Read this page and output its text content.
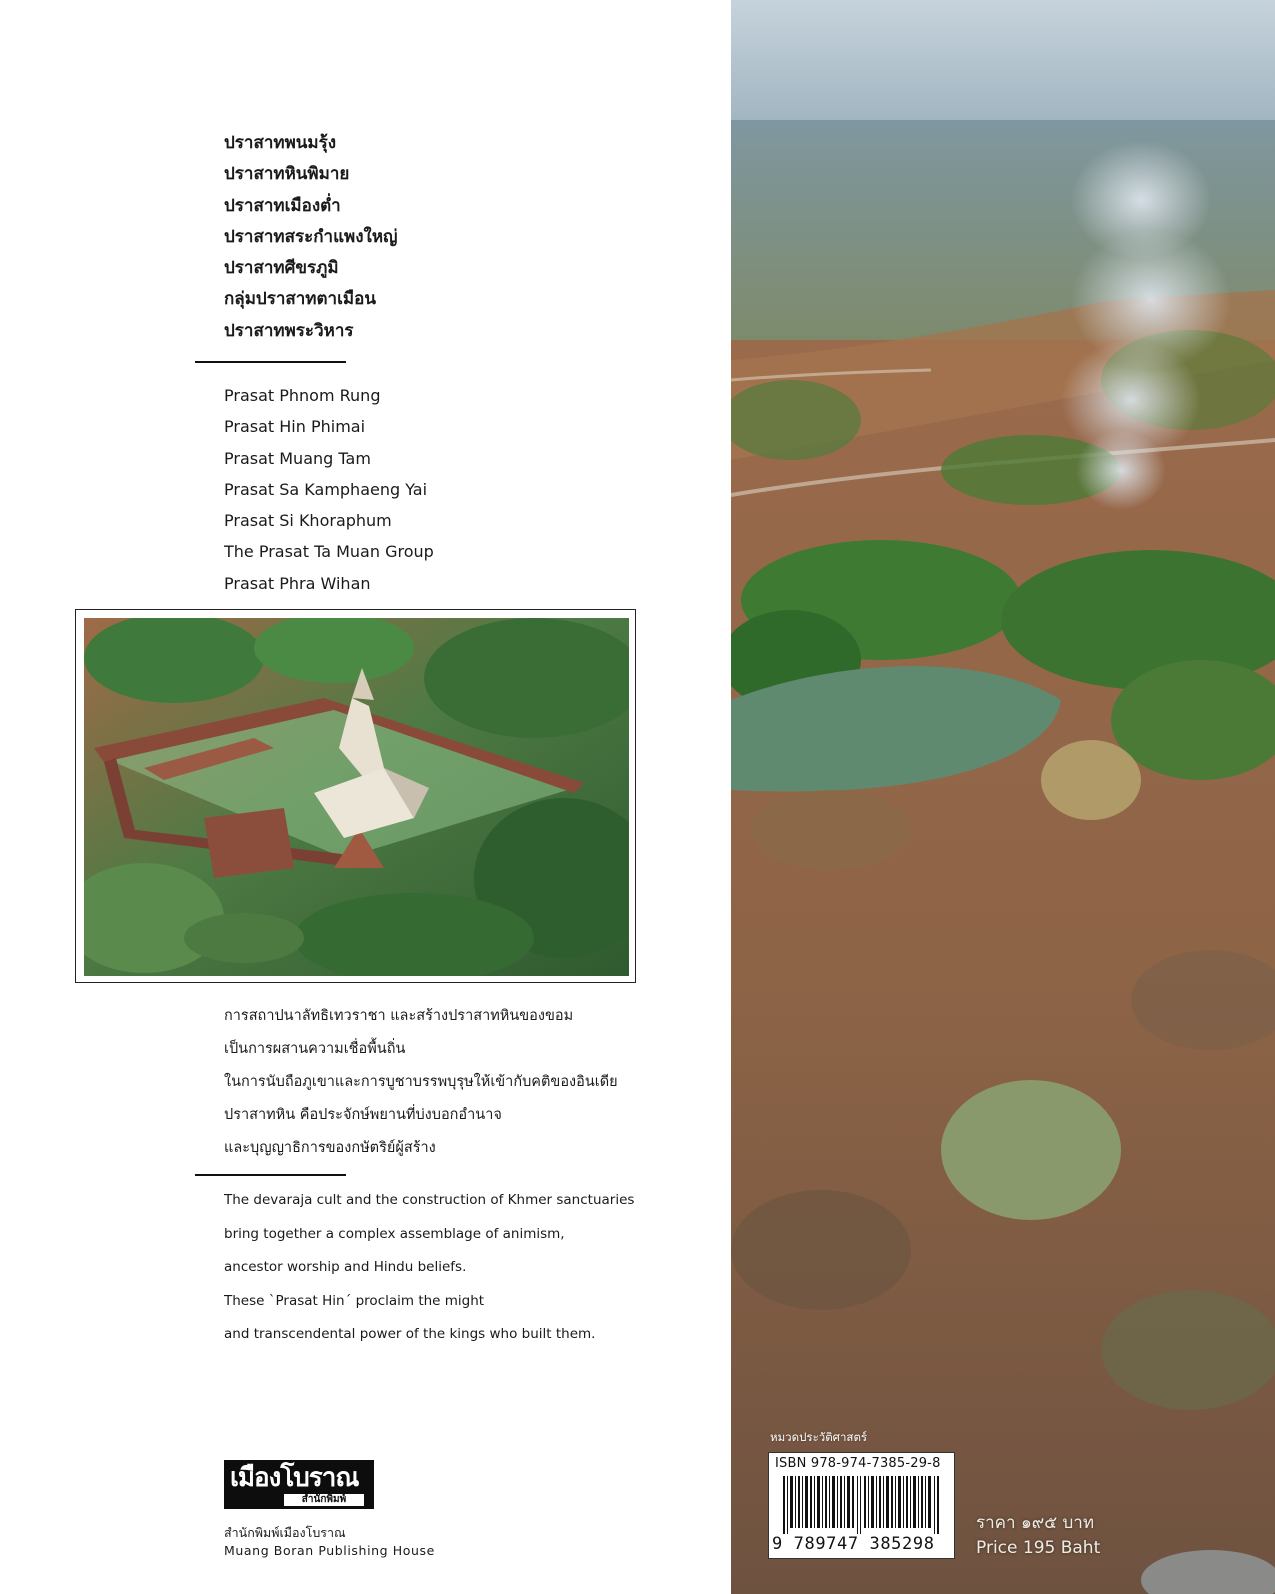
ปราสาทพนมรุ้ง
ปราสาทหินพิมาย
ปราสาทเมืองต่ำ
ปราสาทสระกำแพงใหญ่
ปราสาทศีขรภูมิ
กลุ่มปราสาทตาเมือน
ปราสาทพระวิหาร
Prasat Phnom Rung
Prasat Hin Phimai
Prasat Muang Tam
Prasat Sa Kamphaeng Yai
Prasat Si Khoraphum
The Prasat Ta Muan Group
Prasat Phra Wihan
การสถาปนาลัทธิเทวราชา และสร้างปราสาทหินของขอม
เป็นการผสานความเชื่อพื้นถิ่น
ในการนับถือภูเขาและการบูชาบรรพบุรุษให้เข้ากับคติของอินเดีย
ปราสาทหิน คือประจักษ์พยานที่บ่งบอกอำนาจ
และบุญญาธิการของกษัตริย์ผู้สร้าง
The devaraja cult and the construction of Khmer sanctuaries
bring together a complex assemblage of animism,
ancestor worship and Hindu beliefs.
These `Prasat Hin´ proclaim the might
and transcendental power of the kings who built them.
เมืองโบราณ
สำนักพิมพ์
สำนักพิมพ์เมืองโบราณ
Muang Boran Publishing House
หมวดประวัติศาสตร์
ISBN 978-974-7385-29-8
9 789747 385298
ราคา ๑๙๕ บาท
Price 195 Baht
